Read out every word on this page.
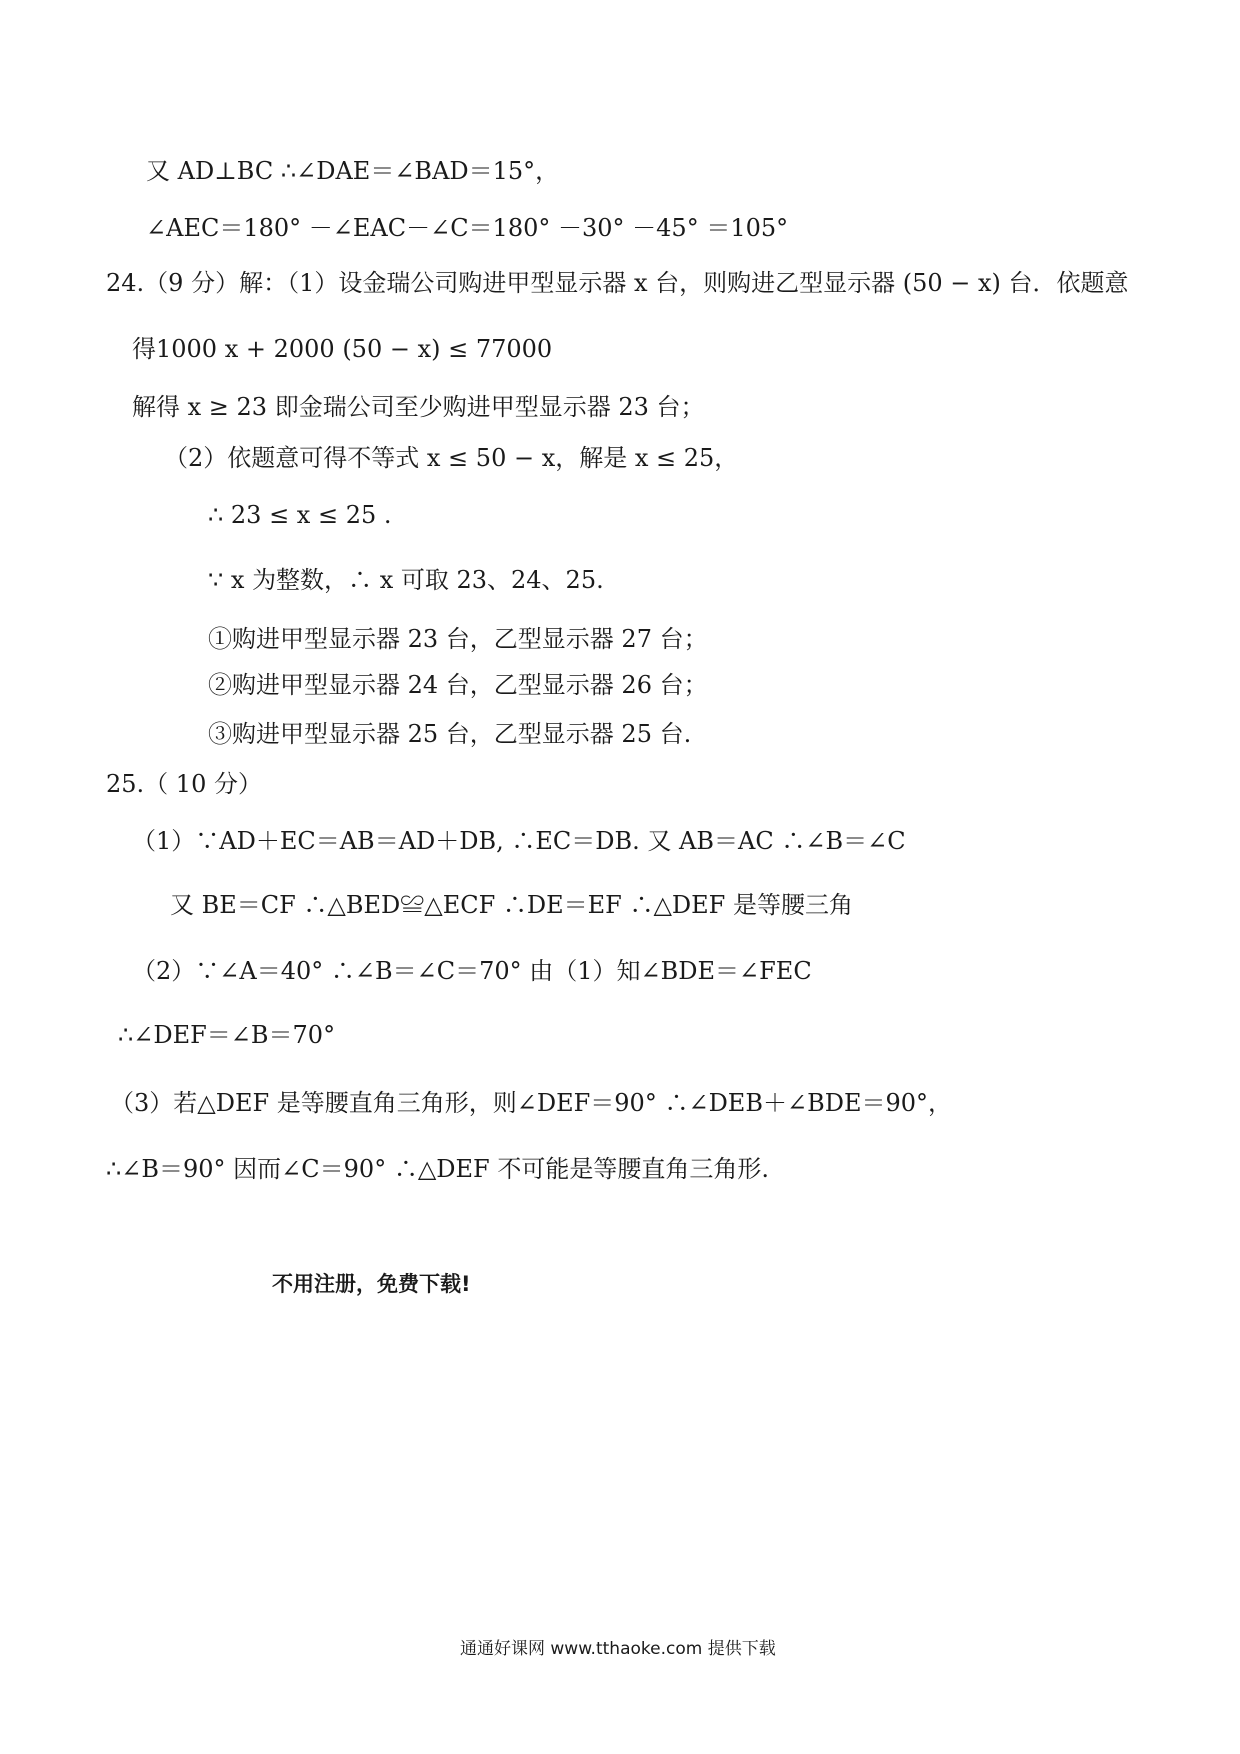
又 AD⊥BC ∴∠DAE＝∠BAD＝15°，
∠AEC＝180° －∠EAC－∠C＝180° －30° －45° ＝105°
24.（9 分）解：（1）设金瑞公司购进甲型显示器 x 台，则购进乙型显示器 (50 − x) 台．依题意
得1000 x + 2000 (50 − x) ≤ 77000
解得 x ≥ 23 即金瑞公司至少购进甲型显示器 23 台；
（2）依题意可得不等式 x ≤ 50 − x，解是 x ≤ 25，
∴ 23 ≤ x ≤ 25 .
∵ x 为整数，∴ x 可取 23、24、25.
①购进甲型显示器 23 台，乙型显示器 27 台；
②购进甲型显示器 24 台，乙型显示器 26 台；
③购进甲型显示器 25 台，乙型显示器 25 台.
25.（ 10 分）
（1）∵AD＋EC＝AB＝AD＋DB, ∴EC＝DB. 又 AB＝AC ∴∠B＝∠C
又 BE＝CF ∴△BED≌△ECF ∴DE＝EF ∴△DEF 是等腰三角
（2）∵∠A＝40° ∴∠B＝∠C＝70° 由（1）知∠BDE＝∠FEC
∴∠DEF＝∠B＝70°
（3）若△DEF 是等腰直角三角形，则∠DEF＝90° ∴∠DEB＋∠BDE＝90°，
∴∠B＝90° 因而∠C＝90° ∴△DEF 不可能是等腰直角三角形.
不用注册，免费下载!
通通好课网 www.tthaoke.com 提供下载
